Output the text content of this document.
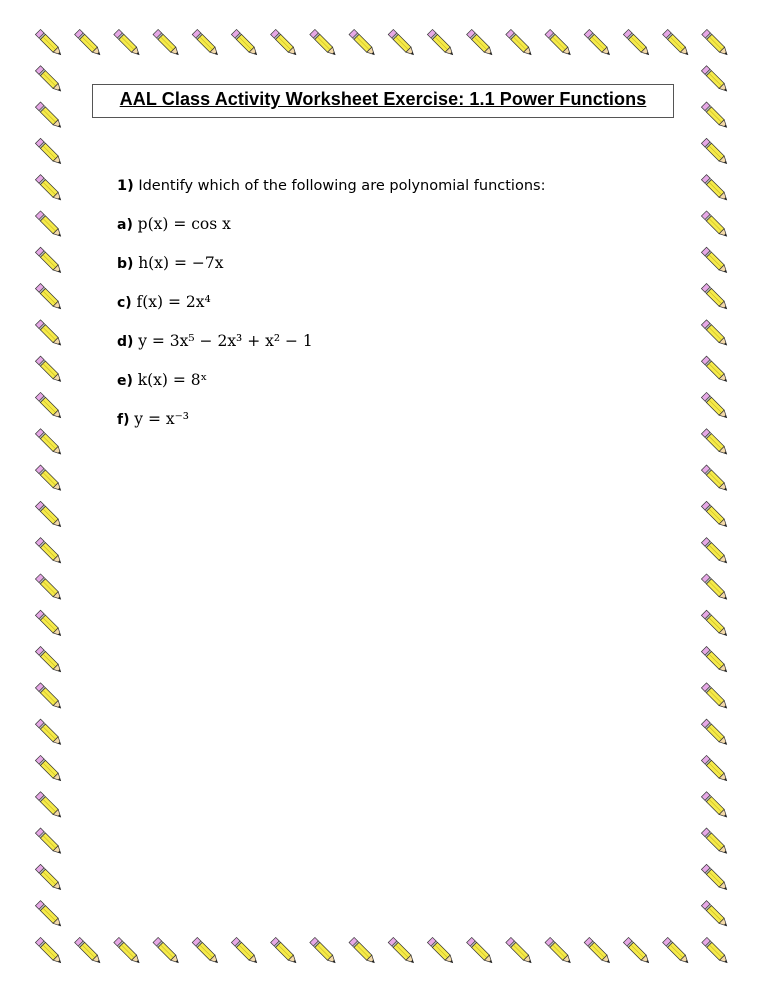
AAL Class Activity Worksheet Exercise: 1.1 Power Functions
1) Identify which of the following are polynomial functions:
a) p(x) = cos x
b) h(x) = −7x
c) f(x) = 2x⁴
d) y = 3x⁵ − 2x³ + x² − 1
e) k(x) = 8ˣ
f) y = x⁻³
